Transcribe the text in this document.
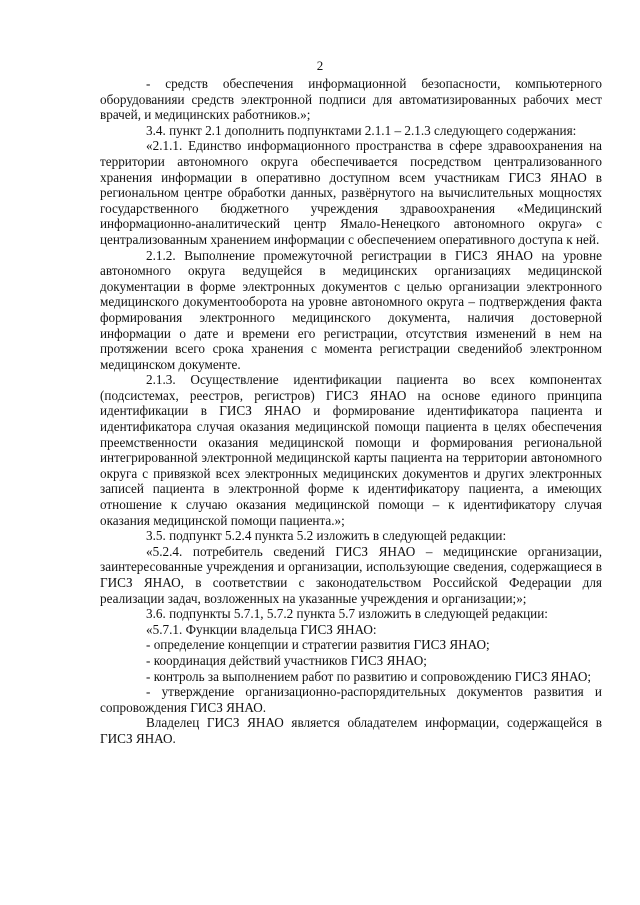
2

- средств обеспечения информационной безопасности, компьютерного оборудованияи средств электронной подписи для автоматизированных рабочих мест врачей, и медицинских работников.»;

3.4. пункт 2.1 дополнить подпунктами 2.1.1 – 2.1.3 следующего содержания:

«2.1.1. Единство информационного пространства в сфере здравоохранения на территории автономного округа обеспечивается посредством централизованного хранения информации в оперативно доступном всем участникам ГИСЗ ЯНАО в региональном центре обработки данных, развёрнутого на вычислительных мощностях государственного бюджетного учреждения здравоохранения «Медицинский информационно-аналитический центр Ямало-Ненецкого автономного округа» с централизованным хранением информации с обеспечением оперативного доступа к ней.

2.1.2. Выполнение промежуточной регистрации в ГИСЗ ЯНАО на уровне автономного округа ведущейся в медицинских организациях медицинской документации в форме электронных документов с целью организации электронного медицинского документооборота на уровне автономного округа – подтверждения факта формирования электронного медицинского документа, наличия достоверной информации о дате и времени его регистрации, отсутствия изменений в нем на протяжении всего срока хранения с момента регистрации сведенийоб электронном медицинском документе.

2.1.3. Осуществление идентификации пациента во всех компонентах (подсистемах, реестров, регистров) ГИСЗ ЯНАО на основе единого принципа идентификации в ГИСЗ ЯНАО и формирование идентификатора пациента и идентификатора случая оказания медицинской помощи пациента в целях обеспечения преемственности оказания медицинской помощи и формирования региональной интегрированной электронной медицинской карты пациента на территории автономного округа с привязкой всех электронных медицинских документов и других электронных записей пациента в электронной форме к идентификатору пациента, а имеющих отношение к случаю оказания медицинской помощи – к идентификатору случая оказания медицинской помощи пациента.»;

3.5. подпункт 5.2.4 пункта 5.2 изложить в следующей редакции:

«5.2.4. потребитель сведений ГИСЗ ЯНАО – медицинские организации, заинтересованные учреждения и организации, использующие сведения, содержащиеся в ГИСЗ ЯНАО, в соответствии с законодательством Российской Федерации для реализации задач, возложенных на указанные учреждения и организации;»;

3.6. подпункты 5.7.1, 5.7.2 пункта 5.7 изложить в следующей редакции:

«5.7.1. Функции владельца ГИСЗ ЯНАО:

- определение концепции и стратегии развития ГИСЗ ЯНАО;

- координация действий участников ГИСЗ ЯНАО;

- контроль за выполнением работ по развитию и сопровождению ГИСЗ ЯНАО;

- утверждение организационно-распорядительных документов развития и сопровождения ГИСЗ ЯНАО.

Владелец ГИСЗ ЯНАО является обладателем информации, содержащейся в ГИСЗ ЯНАО.
